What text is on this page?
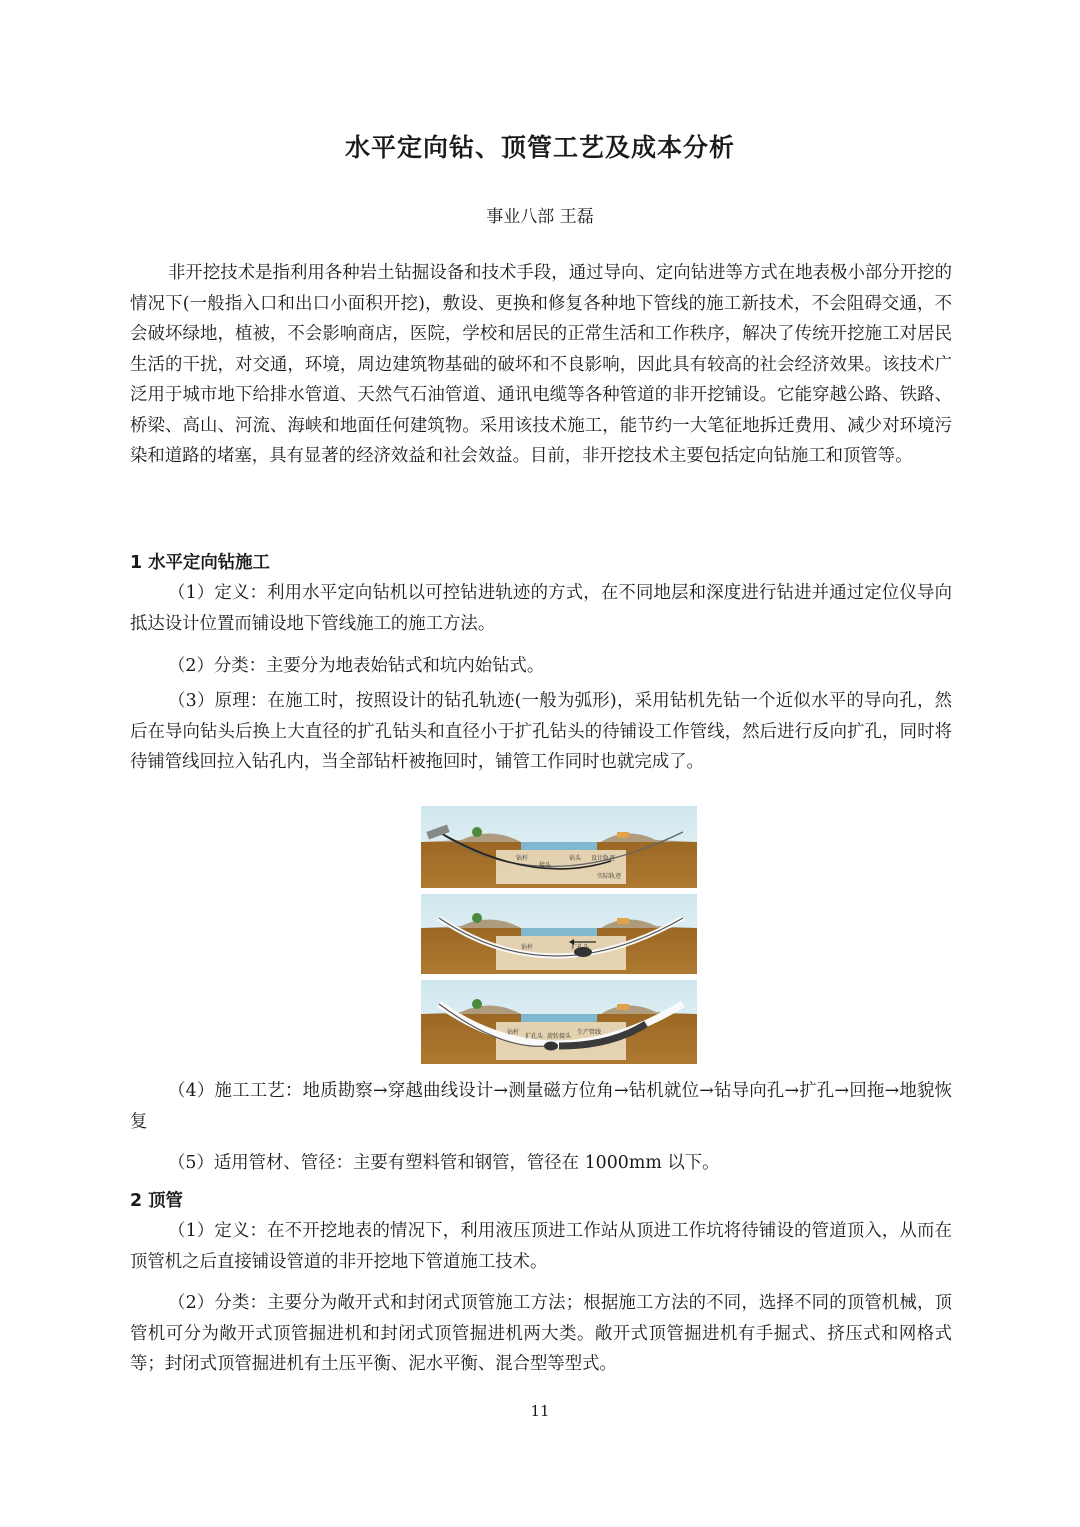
水平定向钻、顶管工艺及成本分析
事业八部 王磊

非开挖技术是指利用各种岩土钻掘设备和技术手段，通过导向、定向钻进等方式在地表极小部分开挖的情况下(一般指入口和出口小面积开挖)，敷设、更换和修复各种地下管线的施工新技术，不会阻碍交通，不会破坏绿地，植被，不会影响商店，医院，学校和居民的正常生活和工作秩序，解决了传统开挖施工对居民生活的干扰，对交通，环境，周边建筑物基础的破坏和不良影响，因此具有较高的社会经济效果。该技术广泛用于城市地下给排水管道、天然气石油管道、通讯电缆等各种管道的非开挖铺设。它能穿越公路、铁路、桥梁、高山、河流、海峡和地面任何建筑物。采用该技术施工，能节约一大笔征地拆迁费用、减少对环境污染和道路的堵塞，具有显著的经济效益和社会效益。目前，非开挖技术主要包括定向钻施工和顶管等。

1 水平定向钻施工

（1）定义：利用水平定向钻机以可控钻进轨迹的方式，在不同地层和深度进行钻进并通过定位仪导向抵达设计位置而铺设地下管线施工的施工方法。

（2）分类：主要分为地表始钻式和坑内始钻式。

（3）原理：在施工时，按照设计的钻孔轨迹(一般为弧形)，采用钻机先钻一个近似水平的导向孔，然后在导向钻头后换上大直径的扩孔钻头和直径小于扩孔钻头的待铺设工作管线，然后进行反向扩孔，同时将待铺管线回拉入钻孔内，当全部钻杆被拖回时，铺管工作同时也就完成了。

钻杆
接头
钻头 设计轨迹
实际轨迹
钻杆	扩孔头
钻杆
扩孔头 旋转接头
生产管线

（4）施工工艺：地质勘察→穿越曲线设计→测量磁方位角→钻机就位→钻导向孔→扩孔→回拖→地貌恢复

（5）适用管材、管径：主要有塑料管和钢管，管径在 1000mm 以下。

2 顶管

（1）定义：在不开挖地表的情况下，利用液压顶进工作站从顶进工作坑将待铺设的管道顶入，从而在顶管机之后直接铺设管道的非开挖地下管道施工技术。

（2）分类：主要分为敞开式和封闭式顶管施工方法；根据施工方法的不同，选择不同的顶管机械，顶管机可分为敞开式顶管掘进机和封闭式顶管掘进机两大类。敞开式顶管掘进机有手掘式、挤压式和网格式等；封闭式顶管掘进机有土压平衡、泥水平衡、混合型等型式。

11
